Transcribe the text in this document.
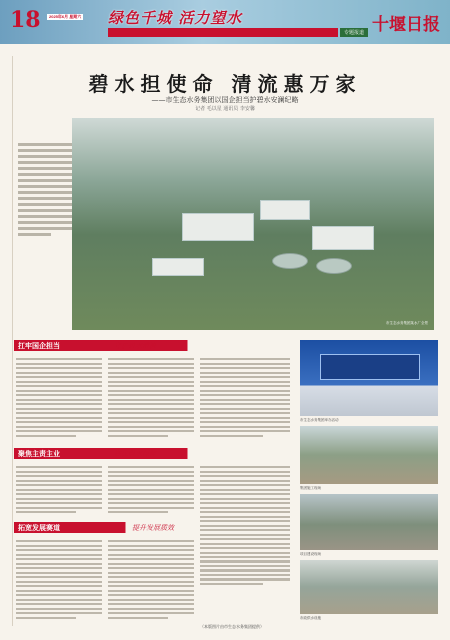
18	2025年6月 星期六 绿色千城 活力望水
专题报道 十堰日报
碧水担使命 清流惠万家
——市生态水务集团以国企担当护碧水安澜纪略
记者 毛以星 通讯员 李安馨
市生态水务集团某水厂全景
扛牢国企担当	守护碧水清流
市生态水务集团举办活动
集团施工现场
项目建设现场
市政供水设施
聚焦主责主业	做优供水保障
拓宽发展赛道	提升发展质效
（本版图片由市生态水务集团提供）
